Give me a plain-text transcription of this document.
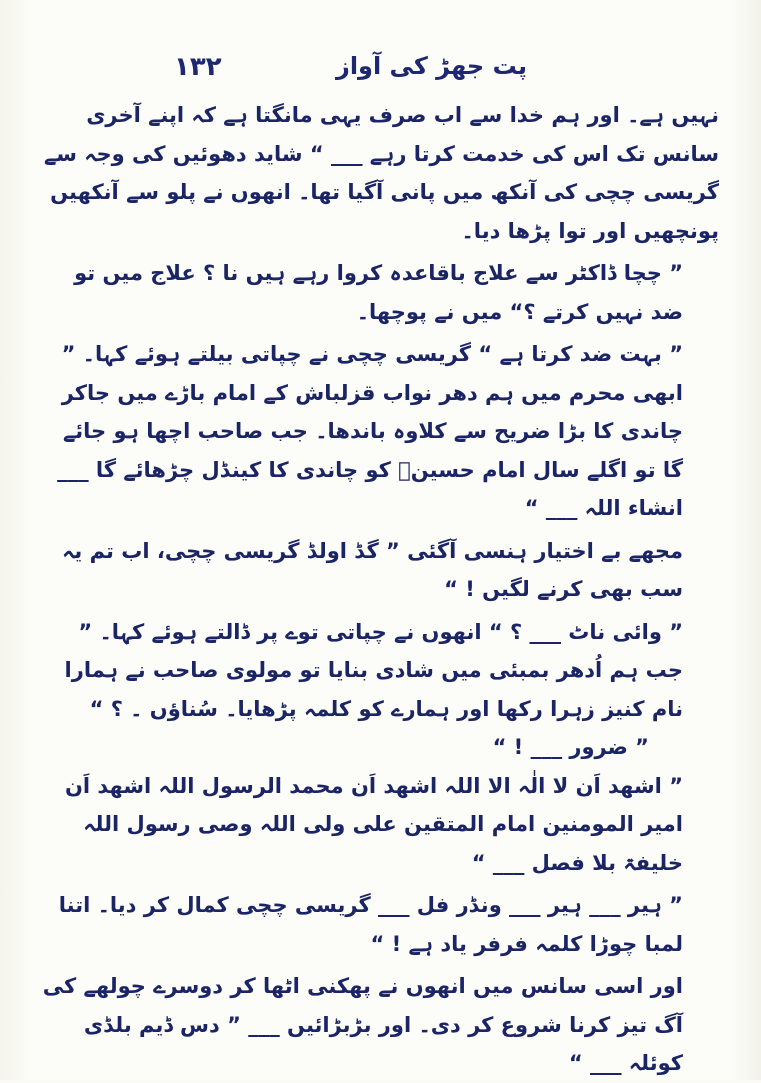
١٣٢	پت جھڑ کی آواز

نہیں ہے۔ اور ہم خدا سے اب صرف یہی مانگتا ہے کہ اپنے آخری سانس تک اس کی خدمت کرتا رہے ___ “ شاید دھوئیں کی وجہ سے گریسی چچی کی آنکھ میں پانی آگیا تھا۔ انھوں نے پلو سے آنکھیں پونچھیں اور توا پڑھا دیا۔

” چچا ڈاکٹر سے علاج باقاعدہ کروا رہے ہیں نا ؟ علاج میں تو ضد نہیں کرتے ؟“ میں نے پوچھا۔

” بہت ضد کرتا ہے “ گریسی چچی نے چپاتی بیلتے ہوئے کہا۔ ” ابھی محرم میں ہم دھر نواب قزلباش کے امام باڑے میں جاکر چاندی کا بڑا ضریح سے کلاوہ باندھا۔ جب صاحب اچھا ہو جائے گا تو اگلے سال امام حسینؑ کو چاندی کا کینڈل چڑھائے گا ___ انشاء اللہ ___ “

مجھے بے اختیار ہنسی آگئی ” گڈ اولڈ گریسی چچی، اب تم یہ سب بھی کرنے لگیں ! “

” وائی ناٹ ___ ؟ “ انھوں نے چپاتی توے پر ڈالتے ہوئے کہا۔ ” جب ہم اُدھر بمبئی میں شادی بنایا تو مولوی صاحب نے ہمارا نام کنیز زہرا رکھا اور ہمارے کو کلمہ پڑھایا۔ سُناؤں ۔ ؟ “

” ضرور ___ ! “

” اشھد اَن لا الٰہ الا اللہ اشھد اَن محمد الرسول اللہ اشھد اَن امیر المومنین امام المتقین علی ولی اللہ وصی رسول اللہ خلیفۃ بلا فصل ___ “

” ہیر ___ ہیر ___ ونڈر فل ___ گریسی چچی کمال کر دیا۔ اتنا لمبا چوڑا کلمہ فرفر یاد ہے ! “

اور اسی سانس میں انھوں نے پھکنی اٹھا کر دوسرے چولھے کی آگ تیز کرنا شروع کر دی۔ اور بڑبڑائیں ___ ” دس ڈیم بلڈی کوئلہ ___ “
